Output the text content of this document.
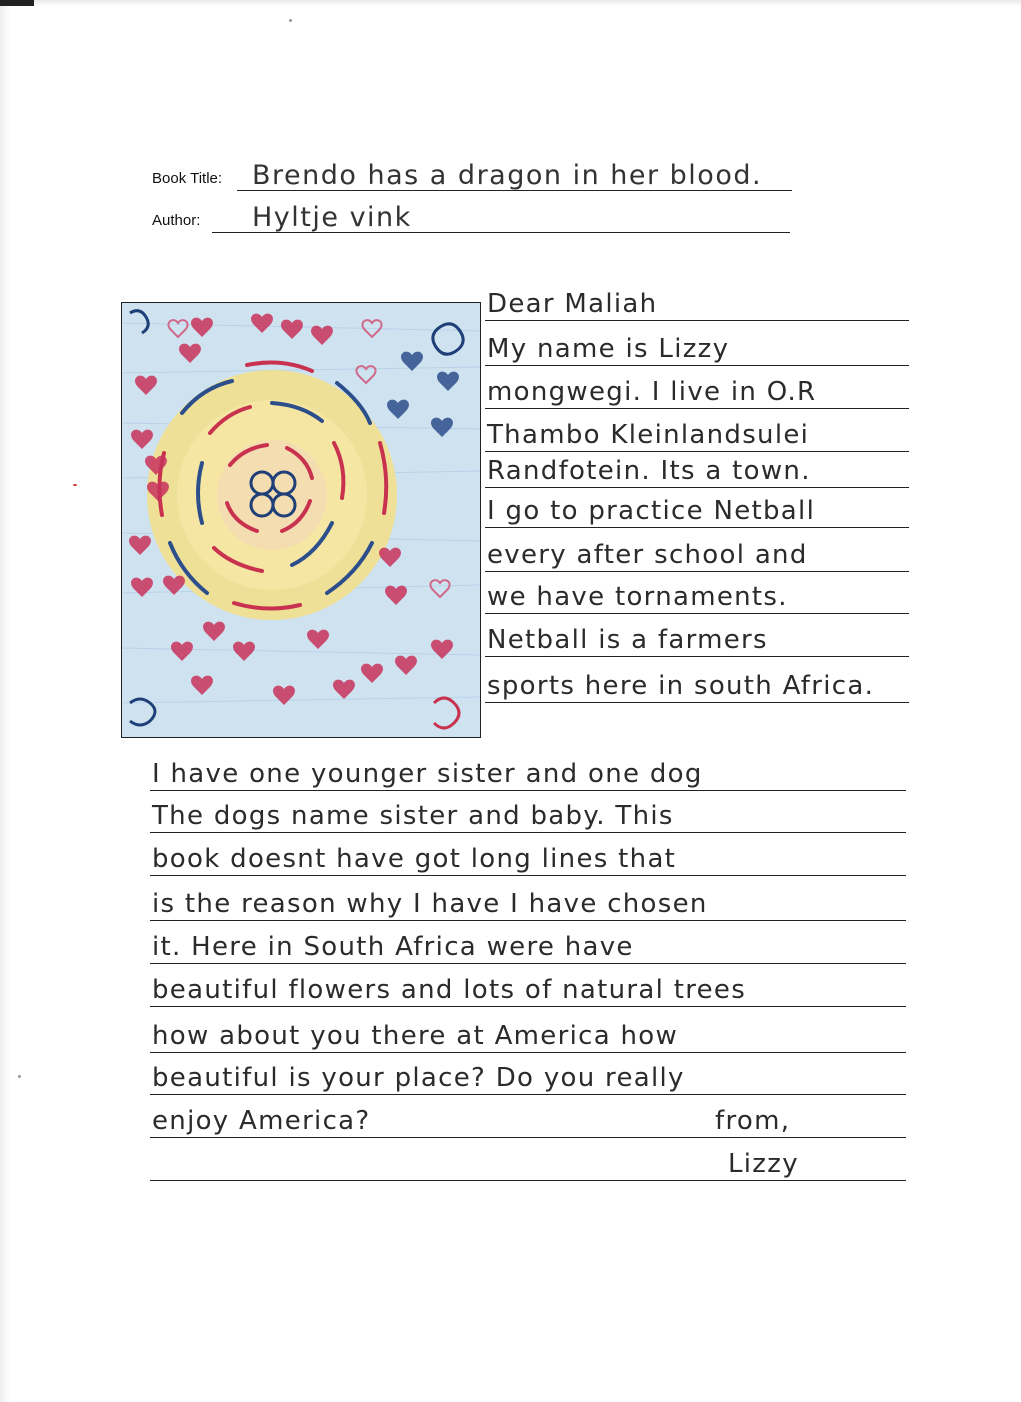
Book Title: Brendo has a dragon in her blood.
Author: Hyltje vink
Dear Maliah
My name is Lizzy
mongwegi. I live in O.R
Thambo Kleinlandsulei
Randfotein. Its a town.
I go to practice Netball
every after school and
we have tornaments.
Netball is a farmers
sports here in south Africa.
I have one younger sister and one dog
The dogs name sister and baby. This
book doesnt have got long lines that
is the reason why I have I have chosen
it. Here in South Africa were have
beautiful flowers and lots of natural trees
how about you there at America how
beautiful is your place? Do you really
enjoy America?	from,
Lizzy
